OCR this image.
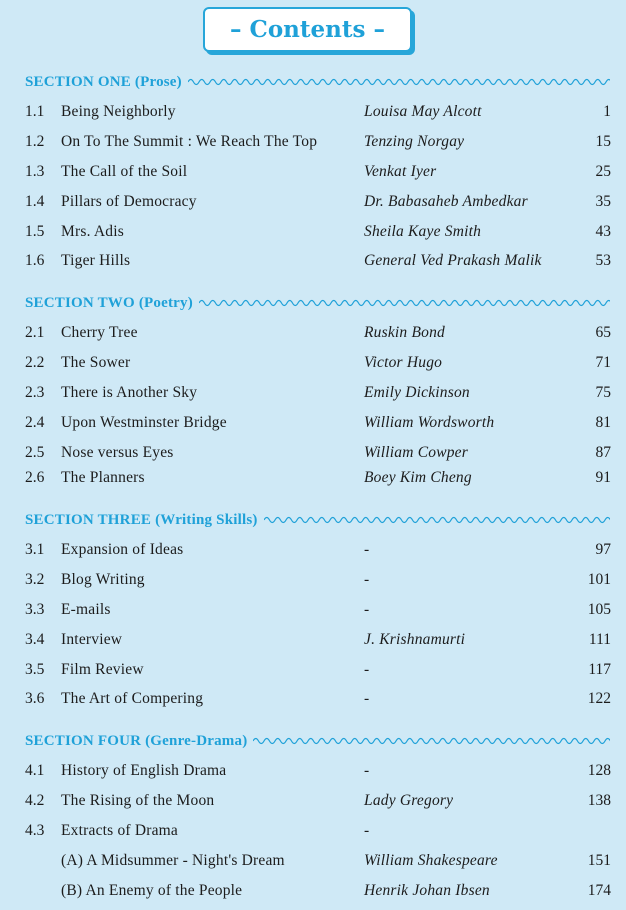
– Contents –
SECTION ONE (Prose)
1.1 Being Neighborly	Louisa May Alcott	1
1.2 On To The Summit : We Reach The Top	Tenzing Norgay	15
1.3 The Call of the Soil	Venkat Iyer	25
1.4 Pillars of Democracy	Dr. Babasaheb Ambedkar	35
1.5 Mrs. Adis	Sheila Kaye Smith	43
1.6 Tiger Hills	General Ved Prakash Malik	53
SECTION TWO (Poetry)
2.1 Cherry Tree	Ruskin Bond	65
2.2 The Sower	Victor Hugo	71
2.3 There is Another Sky	Emily Dickinson	75
2.4 Upon Westminster Bridge	William Wordsworth	81
2.5 Nose versus Eyes	William Cowper	87
2.6 The Planners	Boey Kim Cheng	91
SECTION THREE (Writing Skills)
3.1 Expansion of Ideas	-	97
3.2 Blog Writing	-	101
3.3 E-mails	-	105
3.4 Interview	J. Krishnamurti	111
3.5 Film Review	-	117
3.6 The Art of Compering	-	122
SECTION FOUR (Genre-Drama)
4.1 History of English Drama	-	128
4.2 The Rising of the Moon	Lady Gregory	138
4.3 Extracts of Drama	-
(A) A Midsummer - Night's Dream	William Shakespeare	151
(B) An Enemy of the People	Henrik Johan Ibsen	174
